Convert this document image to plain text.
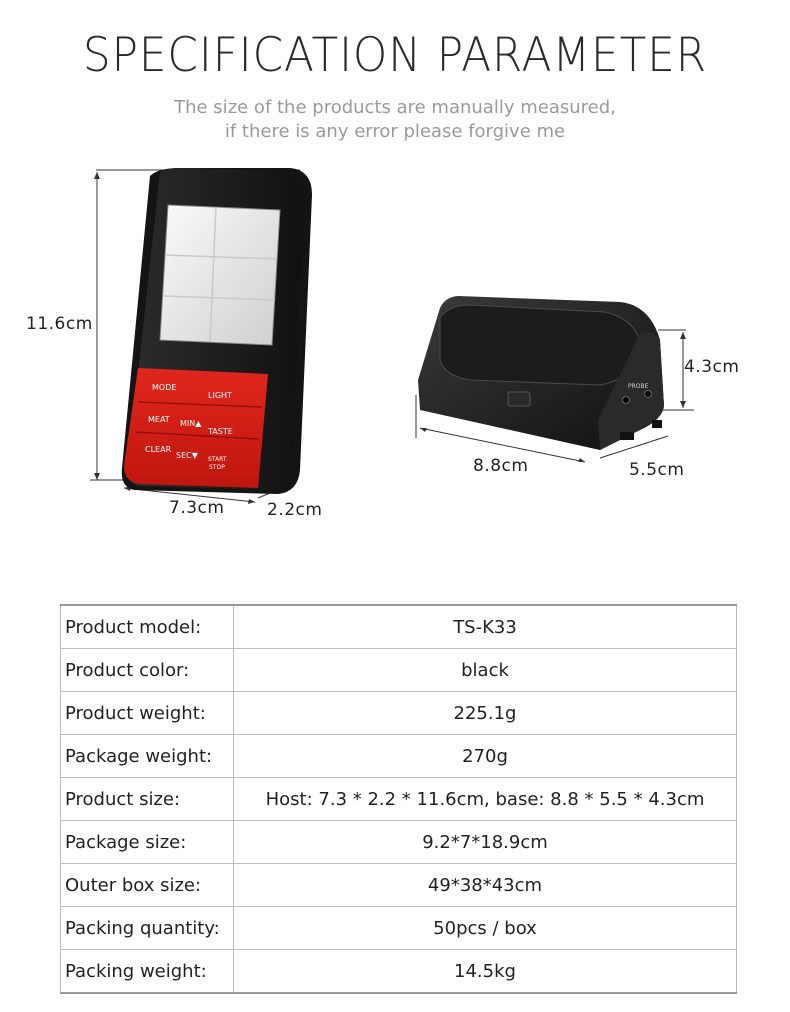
SPECIFICATION PARAMETER
The size of the products are manually measured,
if there is any error please forgive me
MODE
LIGHT
MEAT MIN▲
TASTE
CLEAR
SEC▼ START
STOP
PROBE
11.6cm
7.3cm	2.2cm
4.3cm
8.8cm	5.5cm
Product model:	TS-K33
Product color:	black
Product weight:	225.1g
Package weight:	270g
Product size:	Host: 7.3 * 2.2 * 11.6cm, base: 8.8 * 5.5 * 4.3cm
Package size:	9.2*7*18.9cm
Outer box size:	49*38*43cm
Packing quantity:	50pcs / box
Packing weight:	14.5kg
